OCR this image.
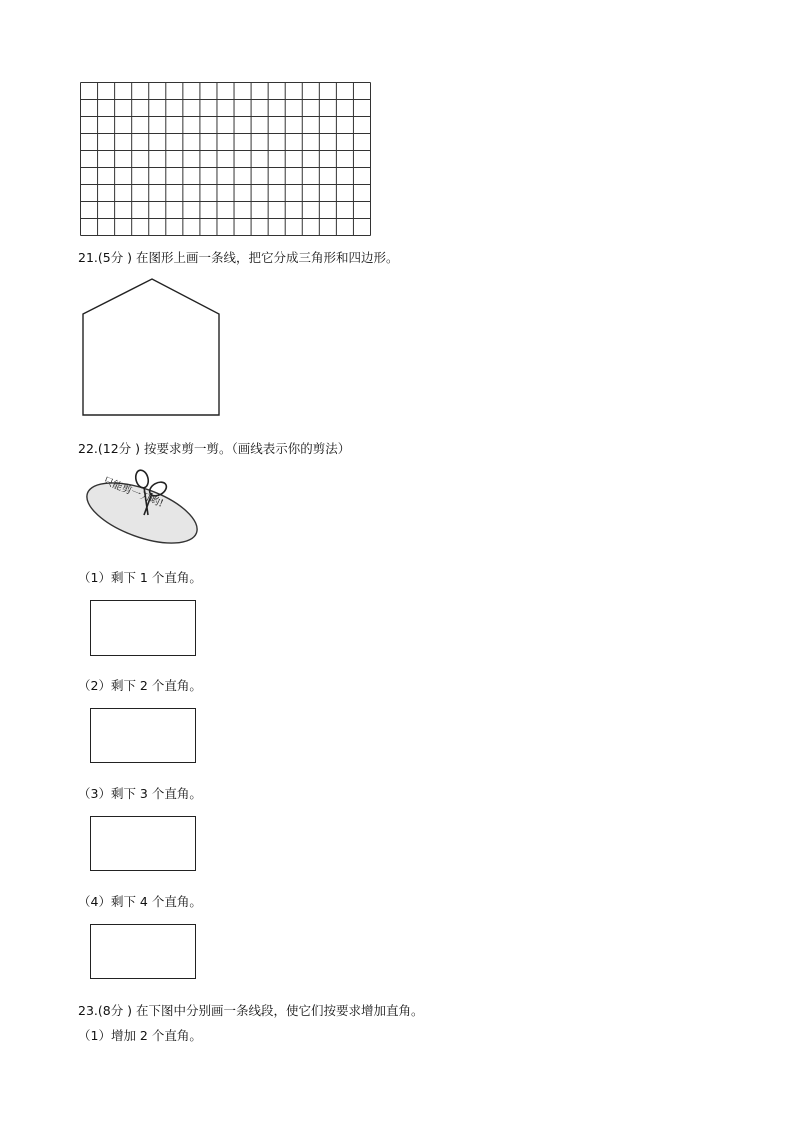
21.(5分 ) 在图形上画一条线，把它分成三角形和四边形。
22.(12分 ) 按要求剪一剪。（画线表示你的剪法）
只能剪一刀哟!
（1）剩下 1 个直角。
（2）剩下 2 个直角。
（3）剩下 3 个直角。
（4）剩下 4 个直角。
23.(8分 ) 在下图中分别画一条线段，使它们按要求增加直角。
（1）增加 2 个直角。
